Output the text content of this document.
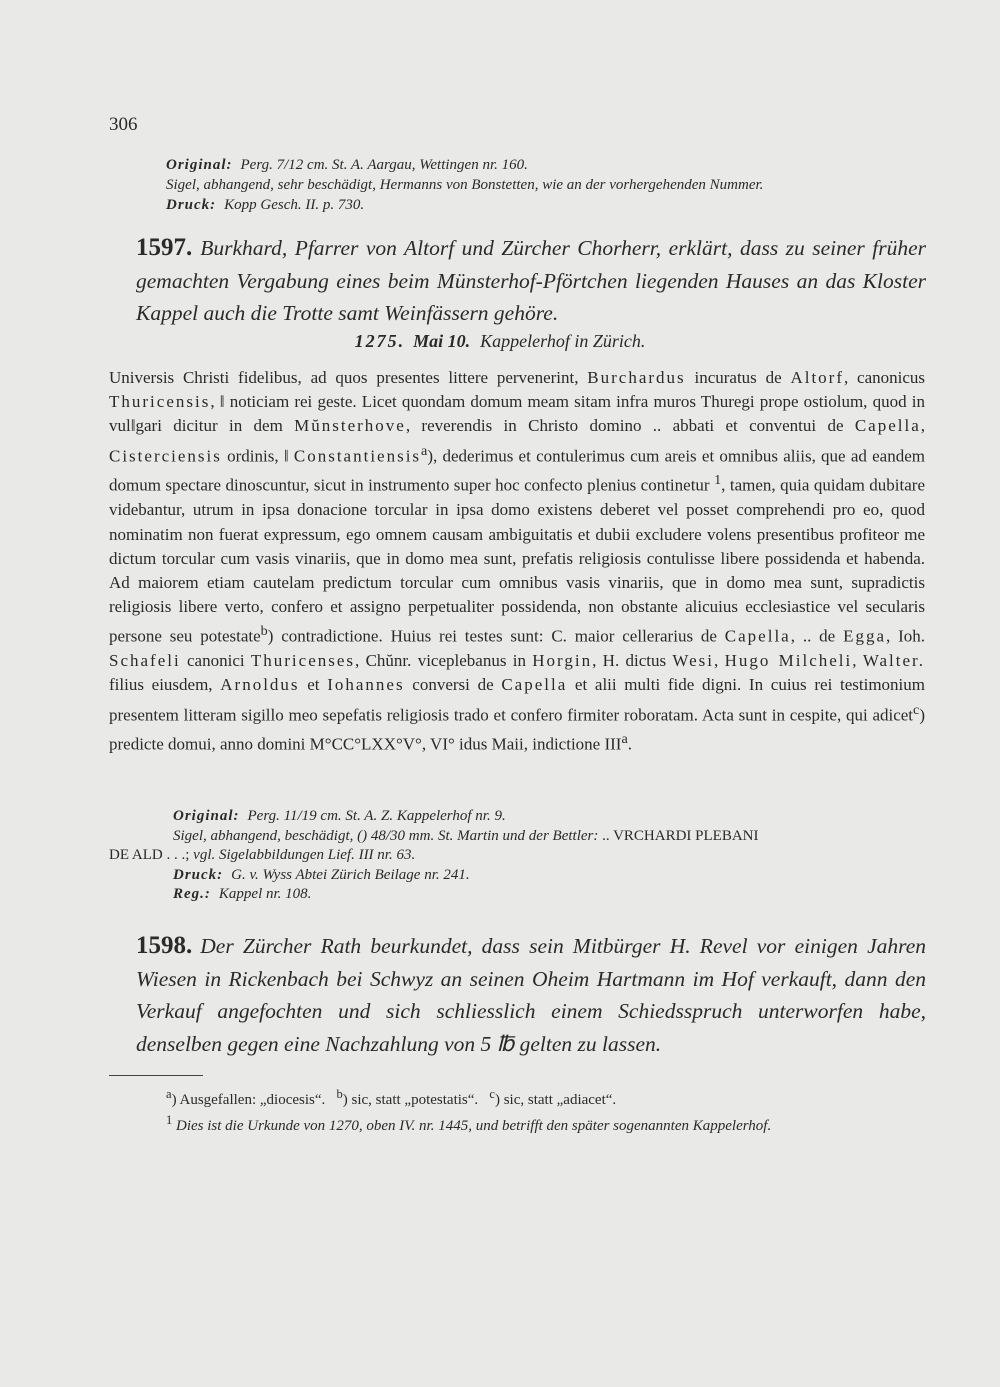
306
Original: Perg. 7/12 cm. St. A. Aargau, Wettingen nr. 160.
Sigel, abhangend, sehr beschädigt, Hermanns von Bonstetten, wie an der vorhergehenden Nummer.
Druck: Kopp Gesch. II. p. 730.
1597. Burkhard, Pfarrer von Altorf und Zürcher Chorherr, erklärt, dass zu seiner früher gemachten Vergabung eines beim Münsterhof-Pförtchen liegenden Hauses an das Kloster Kappel auch die Trotte samt Weinfässern gehöre.
1275. Mai 10. Kappelerhof in Zürich.
Universis Christi fidelibus, ad quos presentes littere pervenerint, Burchardus incuratus de Altorf, canonicus Thuricensis, ‖ noticiam rei geste. Licet quondam domum meam sitam infra muros Thuregi prope ostiolum, quod in vul‖gari dicitur in dem Mŭnsterhove, reverendis in Christo domino .. abbati et conventui de Capella, Cisterciensis ordinis, ‖ Constantiensis$^a$), dederimus et contulerimus cum areis et omnibus aliis, que ad eandem domum spectare dinoscuntur, sicut in instrumento super hoc confecto plenius continetur $^1$, tamen, quia quidam dubitare videbantur, utrum in ipsa donacione torcular in ipsa domo existens deberet vel posset comprehendi pro eo, quod nominatim non fuerat expressum, ego omnem causam ambiguitatis et dubii excludere volens presentibus profiteor me dictum torcular cum vasis vinariis, que in domo mea sunt, prefatis religiosis contulisse libere possidenda et habenda. Ad maiorem etiam cautelam predictum torcular cum omnibus vasis vinariis, que in domo mea sunt, supradictis religiosis libere verto, confero et assigno perpetualiter possidenda, non obstante alicuius ecclesiastice vel secularis persone seu potestate$^b$) contradictione. Huius rei testes sunt: C. maior cellerarius de Capella, .. de Egga, Ioh. Schafeli canonici Thuricenses, Chŭnr. viceplebanus in Horgin, H. dictus Wesi, Hugo Milcheli, Walter. filius eiusdem, Arnoldus et Iohannes conversi de Capella et alii multi fide digni. In cuius rei testimonium presentem litteram sigillo meo sepefatis religiosis trado et confero firmiter roboratam. Acta sunt in cespite, qui adicet$^c$) predicte domui, anno domini M°CC°LXX°V°, VI° idus Maii, indictione III$^a$.
Original: Perg. 11/19 cm. St. A. Z. Kappelerhof nr. 9.
Sigel, abhangend, beschädigt, () 48/30 mm. St. Martin und der Bettler: .. VRCHARDI PLEBANI
DE ALD . . .; vgl. Sigelabbildungen Lief. III nr. 63.
Druck: G. v. Wyss Abtei Zürich Beilage nr. 241.
Reg.: Kappel nr. 108.
1598. Der Zürcher Rath beurkundet, dass sein Mitbürger H. Revel vor einigen Jahren Wiesen in Rickenbach bei Schwyz an seinen Oheim Hartmann im Hof verkauft, dann den Verkauf angefochten und sich schliesslich einem Schiedsspruch unterworfen habe, denselben gegen eine Nachzahlung von 5 ℔ gelten zu lassen.
$^a$) Ausgefallen: „diocesis“. $^b$) sic, statt „potestatis“. $^c$) sic, statt „adiacet“.
$^1$ Dies ist die Urkunde von 1270, oben IV. nr. 1445, und betrifft den später sogenannten Kappelerhof.
